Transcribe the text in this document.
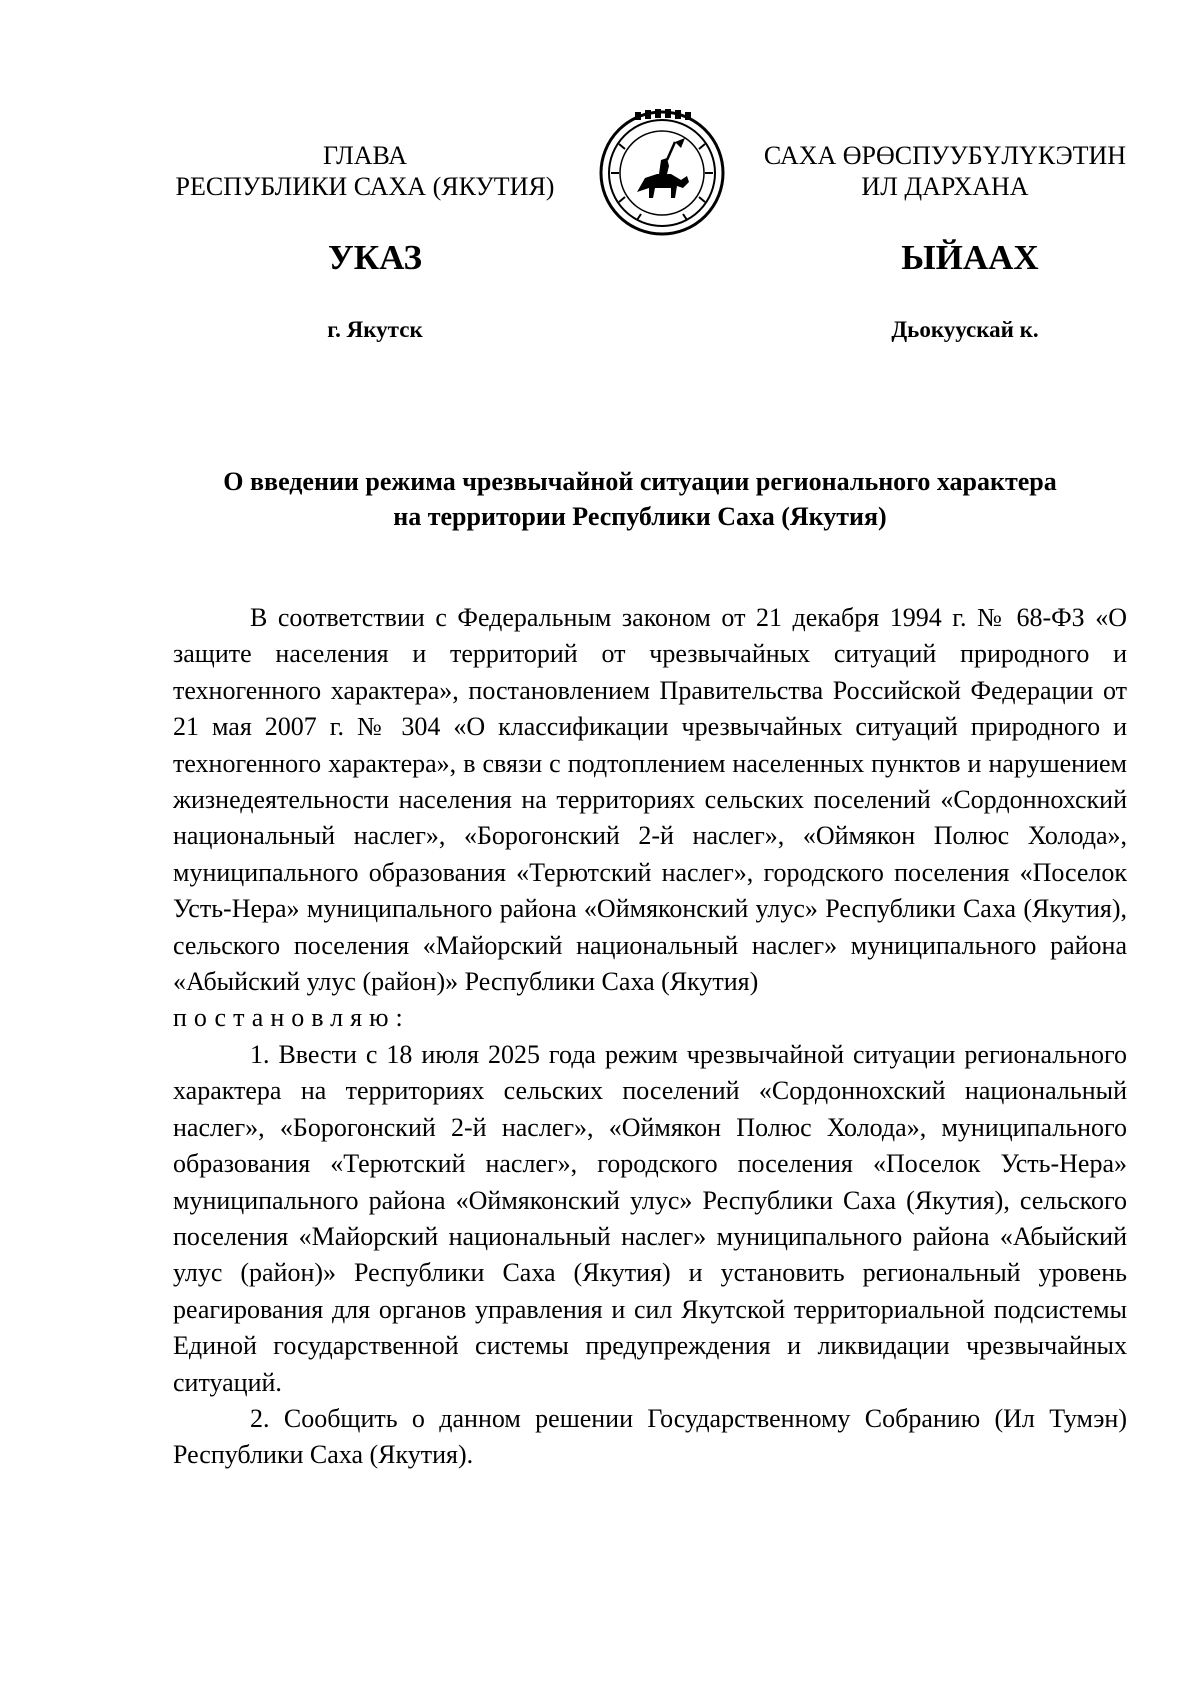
ГЛАВА
РЕСПУБЛИКИ САХА (ЯКУТИЯ)
САХА ӨРӨСПУУБҮЛҮКЭТИН
ИЛ ДАРХАНА
УКАЗ	ЫЙААХ
г. Якутск	Дьокуускай к.
О введении режима чрезвычайной ситуации регионального характера
на территории Республики Саха (Якутия)

В соответствии с Федеральным законом от 21 декабря 1994 г. № 68-ФЗ «О защите населения и территорий от чрезвычайных ситуаций природного и техногенного характера», постановлением Правительства Российской Федерации от 21 мая 2007 г. № 304 «О классификации чрезвычайных ситуаций природного и техногенного характера», в связи с подтоплением населенных пунктов и нарушением жизнедеятельности населения на территориях сельских поселений «Сордоннохский национальный наслег», «Борогонский 2-й наслег», «Оймякон Полюс Холода», муниципального образования «Терютский наслег», городского поселения «Поселок Усть-Нера» муниципального района «Оймяконский улус» Республики Саха (Якутия), сельского поселения «Майорский национальный наслег» муниципального района «Абыйский улус (район)» Республики Саха (Якутия)

постановляю:

1. Ввести с 18 июля 2025 года режим чрезвычайной ситуации регионального характера на территориях сельских поселений «Сордоннохский национальный наслег», «Борогонский 2-й наслег», «Оймякон Полюс Холода», муниципального образования «Терютский наслег», городского поселения «Поселок Усть-Нера» муниципального района «Оймяконский улус» Республики Саха (Якутия), сельского поселения «Майорский национальный наслег» муниципального района «Абыйский улус (район)» Республики Саха (Якутия) и установить региональный уровень реагирования для органов управления и сил Якутской территориальной подсистемы Единой государственной системы предупреждения и ликвидации чрезвычайных ситуаций.

2. Сообщить о данном решении Государственному Собранию (Ил Тумэн) Республики Саха (Якутия).
